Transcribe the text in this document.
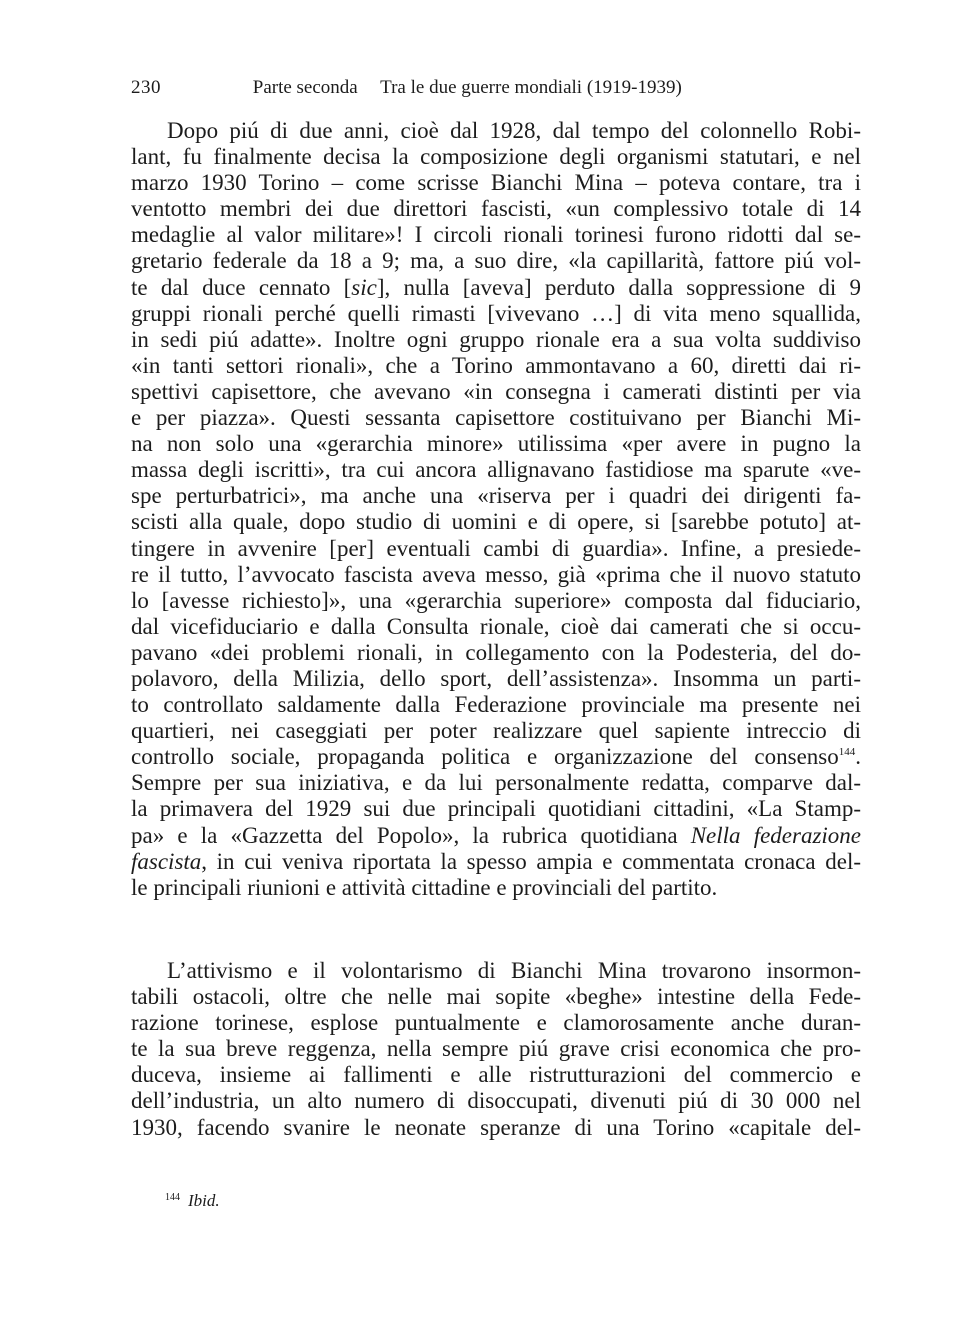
230	Parte seconda Tra le due guerre mondiali (1919-1939)
Dopo piú di due anni, cioè dal 1928, dal tempo del colonnello Robi-
lant, fu finalmente decisa la composizione degli organismi statutari, e nel
marzo 1930 Torino – come scrisse Bianchi Mina – poteva contare, tra i
ventotto membri dei due direttori fascisti, «un complessivo totale di 14
medaglie al valor militare»! I circoli rionali torinesi furono ridotti dal se-
gretario federale da 18 a 9; ma, a suo dire, «la capillarità, fattore piú vol-
te dal duce cennato [sic], nulla [aveva] perduto dalla soppressione di 9
gruppi rionali perché quelli rimasti [vivevano …] di vita meno squallida,
in sedi piú adatte». Inoltre ogni gruppo rionale era a sua volta suddiviso
«in tanti settori rionali», che a Torino ammontavano a 60, diretti dai ri-
spettivi capisettore, che avevano «in consegna i camerati distinti per via
e per piazza». Questi sessanta capisettore costituivano per Bianchi Mi-
na non solo una «gerarchia minore» utilissima «per avere in pugno la
massa degli iscritti», tra cui ancora allignavano fastidiose ma sparute «ve-
spe perturbatrici», ma anche una «riserva per i quadri dei dirigenti fa-
scisti alla quale, dopo studio di uomini e di opere, si [sarebbe potuto] at-
tingere in avvenire [per] eventuali cambi di guardia». Infine, a presiede-
re il tutto, l’avvocato fascista aveva messo, già «prima che il nuovo statuto
lo [avesse richiesto]», una «gerarchia superiore» composta dal fiduciario,
dal vicefiduciario e dalla Consulta rionale, cioè dai camerati che si occu-
pavano «dei problemi rionali, in collegamento con la Podesteria, del do-
polavoro, della Milizia, dello sport, dell’assistenza». Insomma un parti-
to controllato saldamente dalla Federazione provinciale ma presente nei
quartieri, nei caseggiati per poter realizzare quel sapiente intreccio di
controllo sociale, propaganda politica e organizzazione del consenso$^{144}$.
Sempre per sua iniziativa, e da lui personalmente redatta, comparve dal-
la primavera del 1929 sui due principali quotidiani cittadini, «La Stamp-
pa» e la «Gazzetta del Popolo», la rubrica quotidiana Nella federazione
fascista, in cui veniva riportata la spesso ampia e commentata cronaca del-
le principali riunioni e attività cittadine e provinciali del partito.
L’attivismo e il volontarismo di Bianchi Mina trovarono insormon-
tabili ostacoli, oltre che nelle mai sopite «beghe» intestine della Fede-
razione torinese, esplose puntualmente e clamorosamente anche duran-
te la sua breve reggenza, nella sempre piú grave crisi economica che pro-
duceva, insieme ai fallimenti e alle ristrutturazioni del commercio e
dell’industria, un alto numero di disoccupati, divenuti piú di 30 000 nel
1930, facendo svanire le neonate speranze di una Torino «capitale del-
$^{144}$ Ibid.
